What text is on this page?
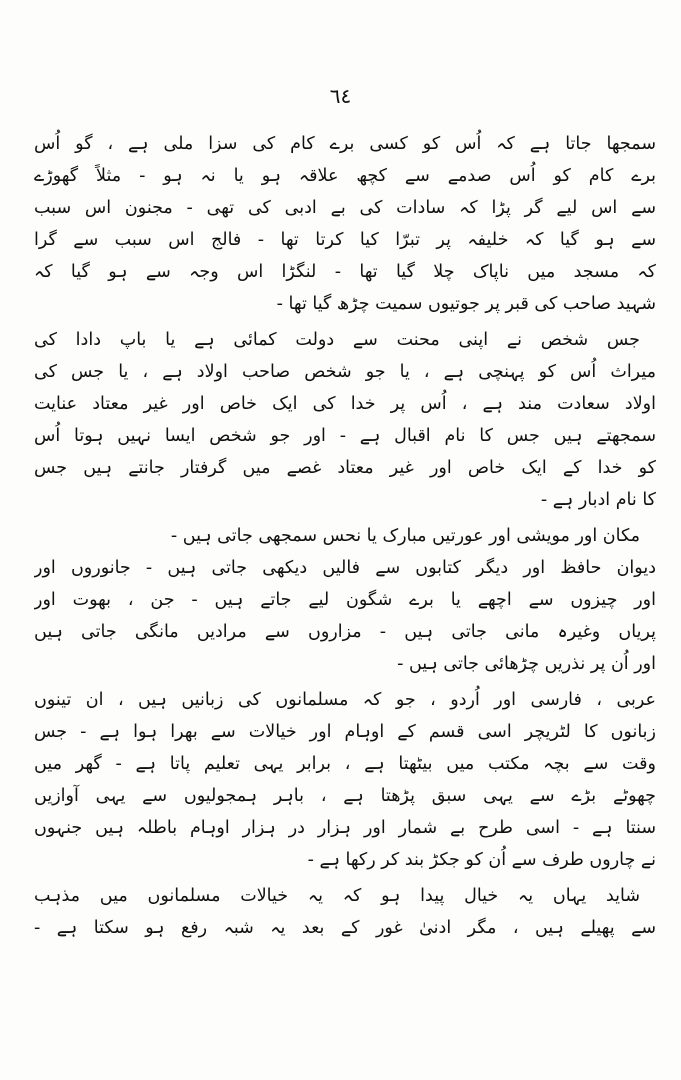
٦٤
سمجھا جاتا ہے کہ اُس کو کسی برے کام کی سزا ملی ہے ، گو اُس
برے کام کو اُس صدمے سے کچھ علاقہ ہو یا نہ ہو - مثلاً گھوڑے
سے اس لیے گر پڑا کہ سادات کی بے ادبی کی تھی - مجنون اس سبب
سے ہو گیا کہ خلیفہ پر تبرّا کیا کرتا تھا - فالج اس سبب سے گرا
کہ مسجد میں ناپاک چلا گیا تھا - لنگڑا اس وجہ سے ہو گیا کہ
شہید صاحب کی قبر پر جوتیوں سمیت چڑھ گیا تھا -
جس شخص نے اپنی محنت سے دولت کمائی ہے یا باپ دادا کی
میراث اُس کو پہنچی ہے ، یا جو شخص صاحب اولاد ہے ، یا جس کی
اولاد سعادت مند ہے ، اُس پر خدا کی ایک خاص اور غیر معتاد عنایت
سمجھتے ہیں جس کا نام اقبال ہے - اور جو شخص ایسا نہیں ہوتا اُس
کو خدا کے ایک خاص اور غیر معتاد غصے میں گرفتار جانتے ہیں جس
کا نام ادبار ہے -
مکان اور مویشی اور عورتیں مبارک یا نحس سمجھی جاتی ہیں -
دیوان حافظ اور دیگر کتابوں سے فالیں دیکھی جاتی ہیں - جانوروں اور
اور چیزوں سے اچھے یا برے شگون لیے جاتے ہیں - جن ، بھوت اور
پریاں وغیرہ مانی جاتی ہیں - مزاروں سے مرادیں مانگی جاتی ہیں
اور اُن پر نذریں چڑھائی جاتی ہیں -
عربی ، فارسی اور اُردو ، جو کہ مسلمانوں کی زبانیں ہیں ، ان تینوں
زبانوں کا لٹریچر اسی قسم کے اوہام اور خیالات سے بھرا ہوا ہے - جس
وقت سے بچہ مکتب میں بیٹھتا ہے ، برابر یہی تعلیم پاتا ہے - گھر میں
چھوٹے بڑے سے یہی سبق پڑھتا ہے ، باہر ہمجولیوں سے یہی آوازیں
سنتا ہے - اسی طرح بے شمار اور ہزار در ہزار اوہام باطلہ ہیں جنہوں
نے چاروں طرف سے اُن کو جکڑ بند کر رکھا ہے -
شاید یہاں یہ خیال پیدا ہو کہ یہ خیالات مسلمانوں میں مذہب
سے پھیلے ہیں ، مگر ادنیٰ غور کے بعد یہ شبہ رفع ہو سکتا ہے -
